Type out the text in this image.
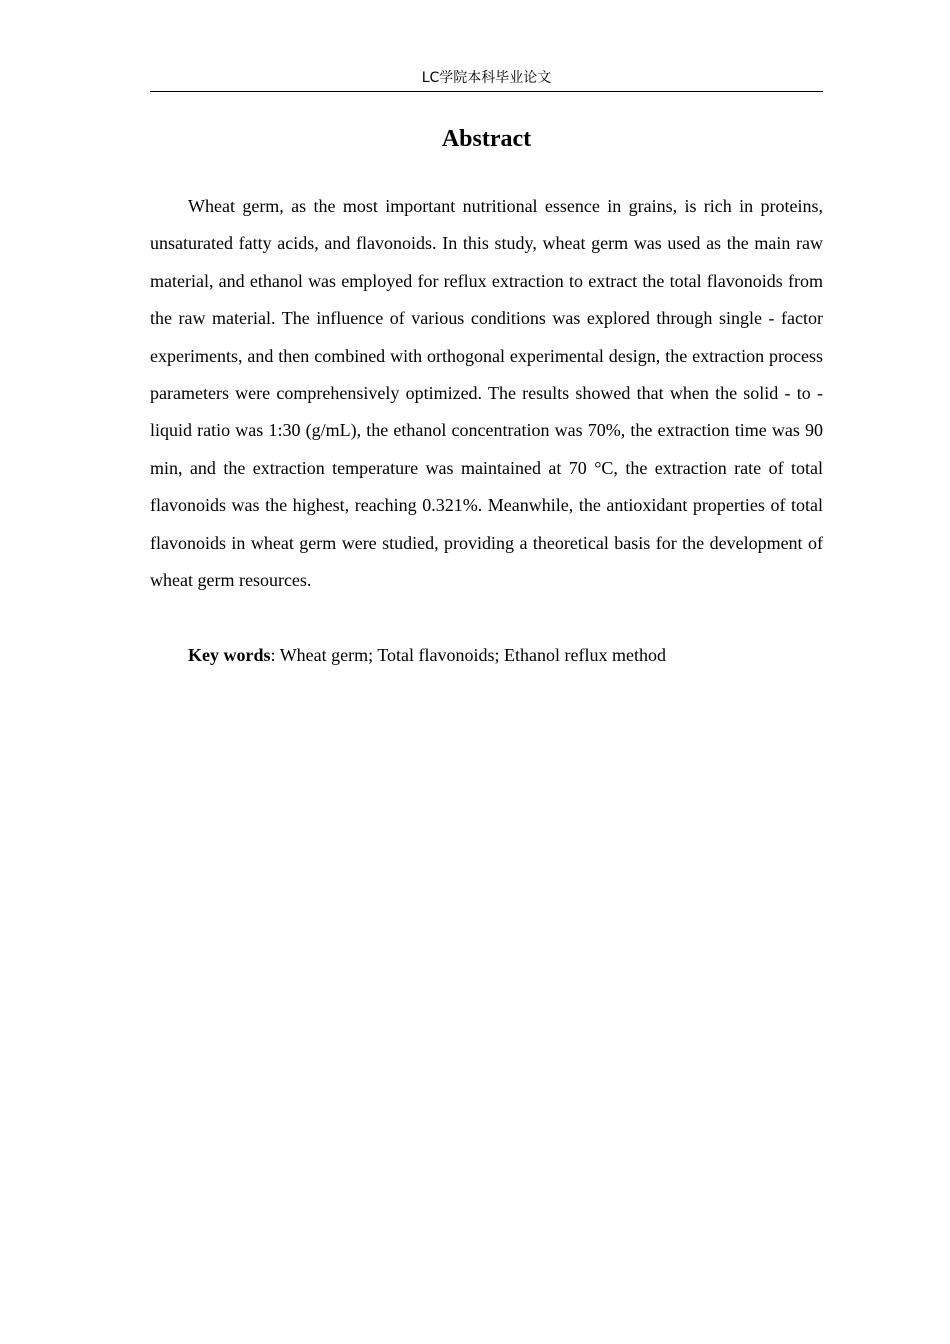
LC学院本科毕业论文
Abstract

Wheat germ, as the most important nutritional essence in grains, is rich in proteins, unsaturated fatty acids, and flavonoids. In this study, wheat germ was used as the main raw material, and ethanol was employed for reflux extraction to extract the total flavonoids from the raw material. The influence of various conditions was explored through single - factor experiments, and then combined with orthogonal experimental design, the extraction process parameters were comprehensively optimized. The results showed that when the solid - to - liquid ratio was 1:30 (g/mL), the ethanol concentration was 70%, the extraction time was 90 min, and the extraction temperature was maintained at 70 °C, the extraction rate of total flavonoids was the highest, reaching 0.321%. Meanwhile, the antioxidant properties of total flavonoids in wheat germ were studied, providing a theoretical basis for the development of wheat germ resources.

Key words: Wheat germ; Total flavonoids; Ethanol reflux method
